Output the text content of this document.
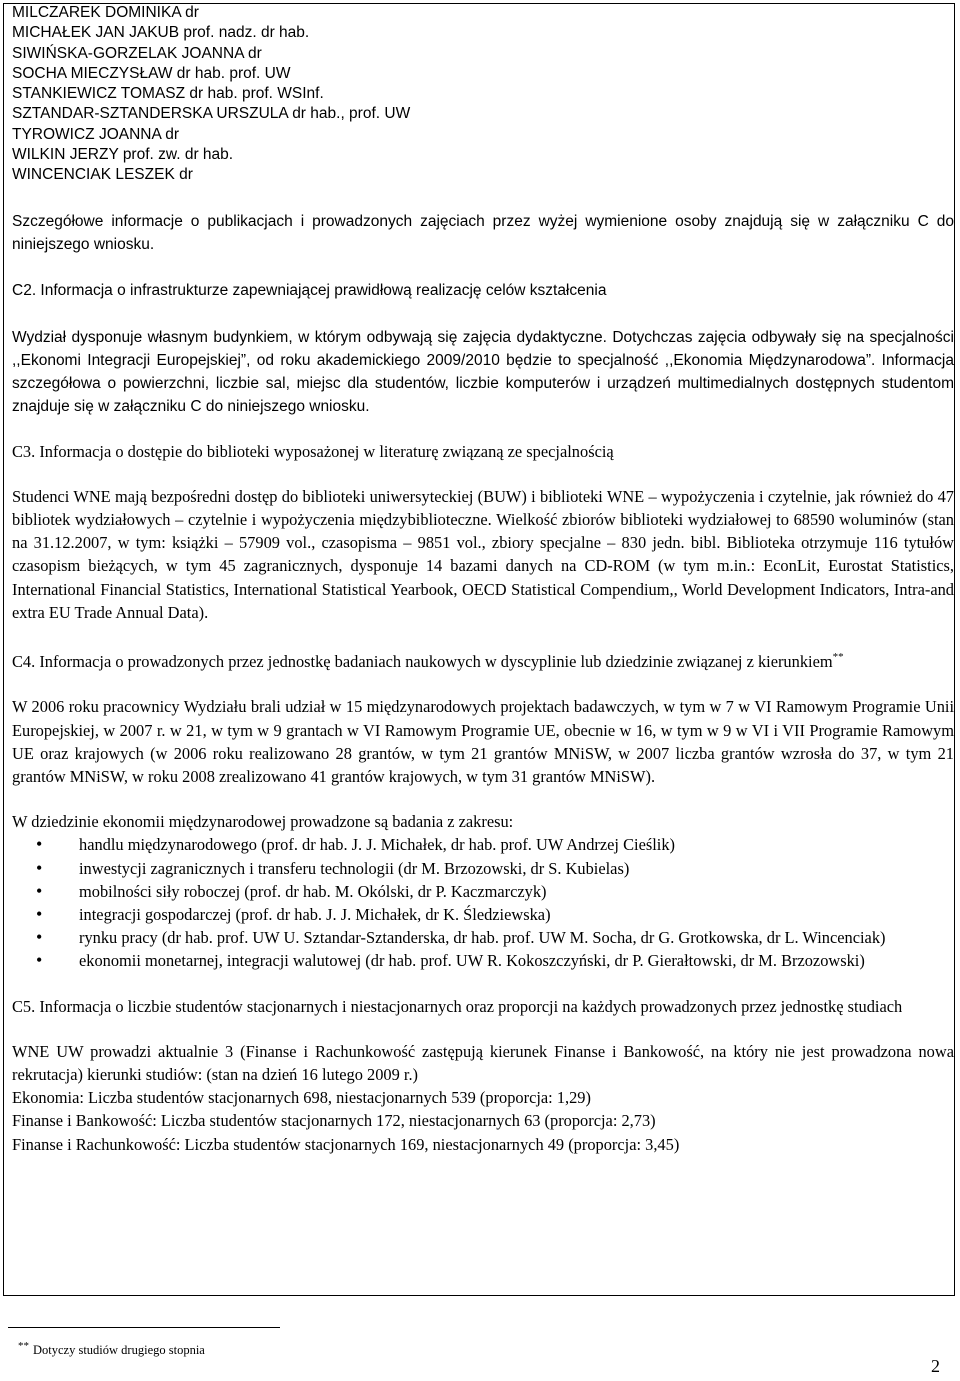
MILCZAREK DOMINIKA dr
MICHAŁEK JAN JAKUB prof. nadz. dr hab.
SIWIŃSKA-GORZELAK JOANNA dr
SOCHA MIECZYSŁAW dr hab. prof. UW
STANKIEWICZ TOMASZ dr hab. prof. WSInf.
SZTANDAR-SZTANDERSKA URSZULA dr hab., prof. UW
TYROWICZ JOANNA dr
WILKIN JERZY prof. zw. dr hab.
WINCENCIAK LESZEK dr

Szczegółowe informacje o publikacjach i prowadzonych zajęciach przez wyżej wymienione osoby znajdują się w załączniku C do niniejszego wniosku.

C2. Informacja o infrastrukturze zapewniającej prawidłową realizację celów kształcenia

Wydział dysponuje własnym budynkiem, w którym odbywają się zajęcia dydaktyczne. Dotychczas zajęcia odbywały się na specjalności ,,Ekonomi Integracji Europejskiej”, od roku akademickiego 2009/2010 będzie to specjalność ,,Ekonomia Międzynarodowa”. Informacja szczegółowa o powierzchni, liczbie sal, miejsc dla studentów, liczbie komputerów i urządzeń multimedialnych dostępnych studentom znajduje się w załączniku C do niniejszego wniosku.

C3. Informacja o dostępie do biblioteki wyposażonej w literaturę związaną ze specjalnością

Studenci WNE mają bezpośredni dostęp do biblioteki uniwersyteckiej (BUW) i biblioteki WNE – wypożyczenia i czytelnie, jak również do 47 bibliotek wydziałowych – czytelnie i wypożyczenia międzybiblioteczne. Wielkość zbiorów biblioteki wydziałowej to 68590 woluminów (stan na 31.12.2007, w tym: książki – 57909 vol., czasopisma – 9851 vol., zbiory specjalne – 830 jedn. bibl. Biblioteka otrzymuje 116 tytułów czasopism bieżących, w tym 45 zagranicznych, dysponuje 14 bazami danych na CD-ROM (w tym m.in.: EconLit, Eurostat Statistics, International Financial Statistics, International Statistical Yearbook, OECD Statistical Compendium,, World Development Indicators, Intra-and extra EU Trade Annual Data).

C4. Informacja o prowadzonych przez jednostkę badaniach naukowych w dyscyplinie lub dziedzinie związanej z kierunkiem**

W 2006 roku pracownicy Wydziału brali udział w 15 międzynarodowych projektach badawczych, w tym w 7 w VI Ramowym Programie Unii Europejskiej, w 2007 r. w 21, w tym w 9 grantach w VI Ramowym Programie UE, obecnie w 16, w tym w 9 w VI i VII Programie Ramowym UE oraz krajowych (w 2006 roku realizowano 28 grantów, w tym 21 grantów MNiSW, w 2007 liczba grantów wzrosła do 37, w tym 21 grantów MNiSW, w roku 2008 zrealizowano 41 grantów krajowych, w tym 31 grantów MNiSW).

W dziedzinie ekonomii międzynarodowej prowadzone są badania z zakresu:

• handlu międzynarodowego (prof. dr hab. J. J. Michałek, dr hab. prof. UW Andrzej Cieślik)
• inwestycji zagranicznych i transferu technologii (dr M. Brzozowski, dr S. Kubielas)
• mobilności siły roboczej (prof. dr hab. M. Okólski, dr P. Kaczmarczyk)
• integracji gospodarczej (prof. dr hab. J. J. Michałek, dr K. Śledziewska)
• rynku pracy (dr hab. prof. UW U. Sztandar-Sztanderska, dr hab. prof. UW M. Socha, dr G. Grotkowska, dr L. Wincenciak)
• ekonomii monetarnej, integracji walutowej (dr hab. prof. UW R. Kokoszczyński, dr P. Gierałtowski, dr M. Brzozowski)

C5. Informacja o liczbie studentów stacjonarnych i niestacjonarnych oraz proporcji na każdych prowadzonych przez jednostkę studiach

WNE UW prowadzi aktualnie 3 (Finanse i Rachunkowość zastępują kierunek Finanse i Bankowość, na który nie jest prowadzona nowa rekrutacja) kierunki studiów: (stan na dzień 16 lutego 2009 r.)

Ekonomia: Liczba studentów stacjonarnych 698, niestacjonarnych 539 (proporcja: 1,29)

Finanse i Bankowość: Liczba studentów stacjonarnych 172, niestacjonarnych 63 (proporcja: 2,73)

Finanse i Rachunkowość: Liczba studentów stacjonarnych 169, niestacjonarnych 49 (proporcja: 3,45)

** Dotyczy studiów drugiego stopnia
2
